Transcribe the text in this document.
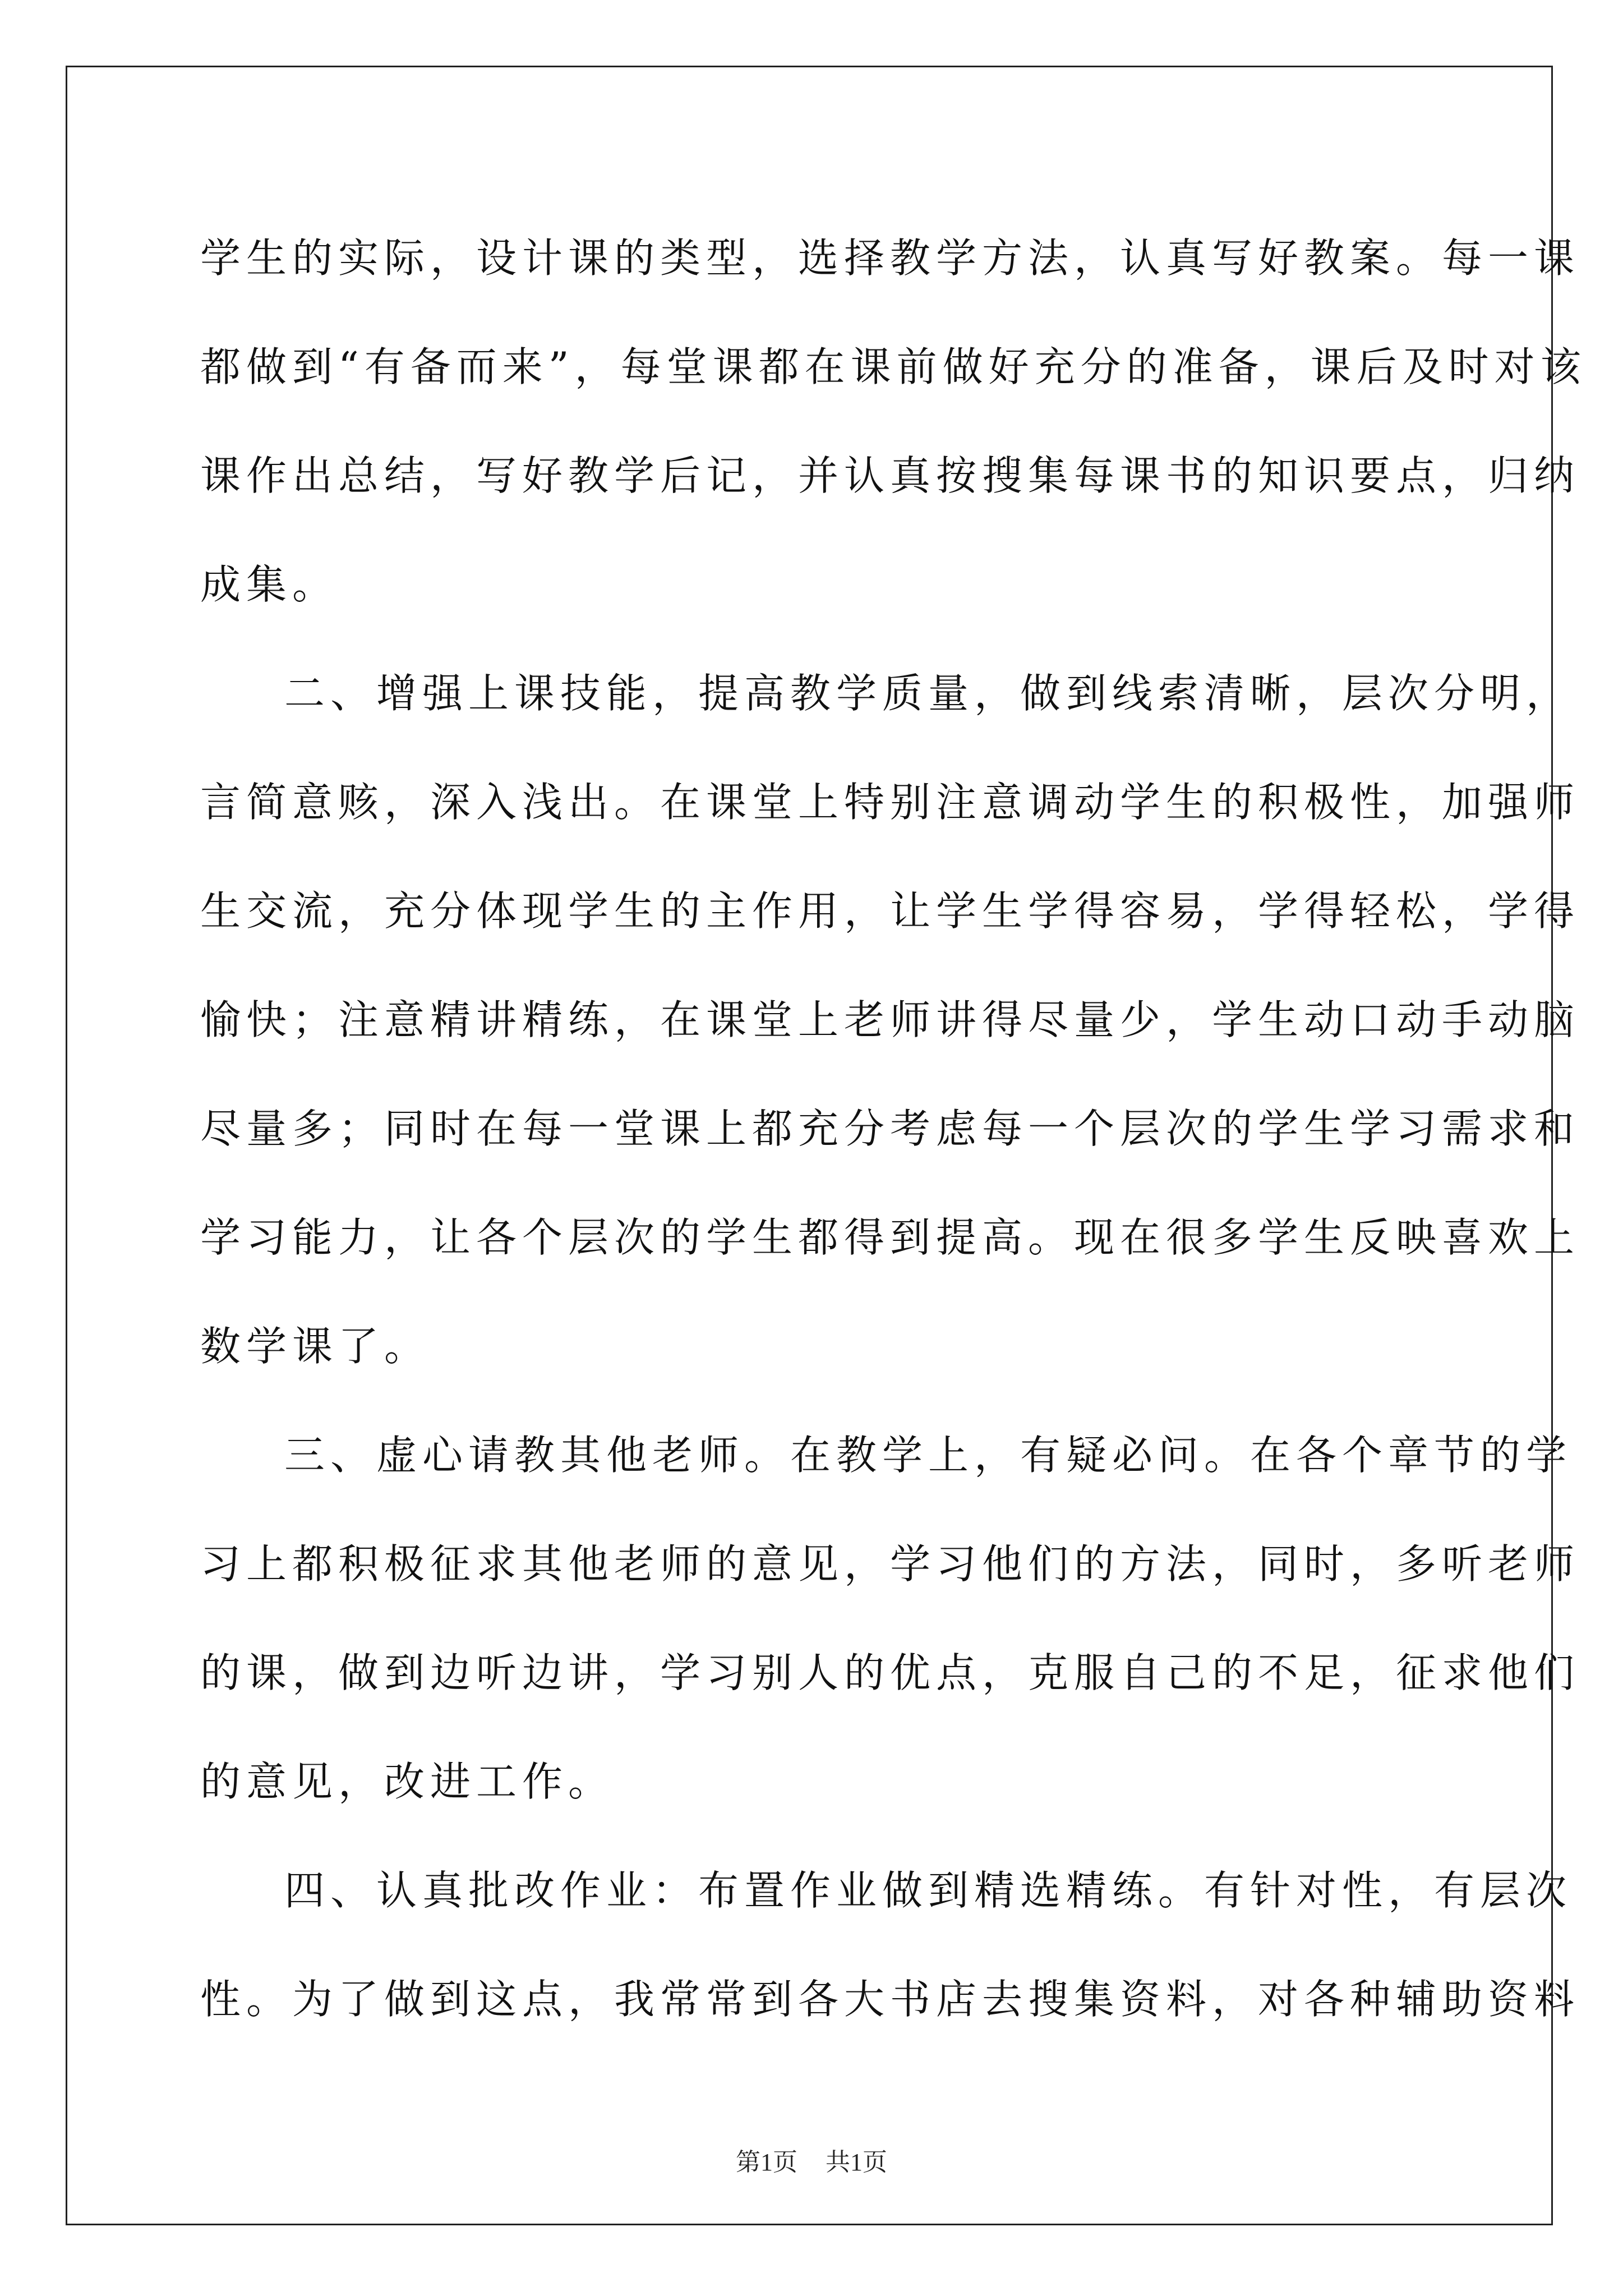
学生的实际，设计课的类型，选择教学方法，认真写好教案。每一课
都做到“有备而来”，每堂课都在课前做好充分的准备，课后及时对该
课作出总结，写好教学后记，并认真按搜集每课书的知识要点，归纳
成集。
二、增强上课技能，提高教学质量，做到线索清晰，层次分明，
言简意赅，深入浅出。在课堂上特别注意调动学生的积极性，加强师
生交流，充分体现学生的主作用，让学生学得容易，学得轻松，学得
愉快；注意精讲精练，在课堂上老师讲得尽量少，学生动口动手动脑
尽量多；同时在每一堂课上都充分考虑每一个层次的学生学习需求和
学习能力，让各个层次的学生都得到提高。现在很多学生反映喜欢上
数学课了。
三、虚心请教其他老师。在教学上，有疑必问。在各个章节的学
习上都积极征求其他老师的意见，学习他们的方法，同时，多听老师
的课，做到边听边讲，学习别人的优点，克服自己的不足，征求他们
的意见，改进工作。
四、认真批改作业：布置作业做到精选精练。有针对性，有层次
性。为了做到这点，我常常到各大书店去搜集资料，对各种辅助资料
第1页 共1页
